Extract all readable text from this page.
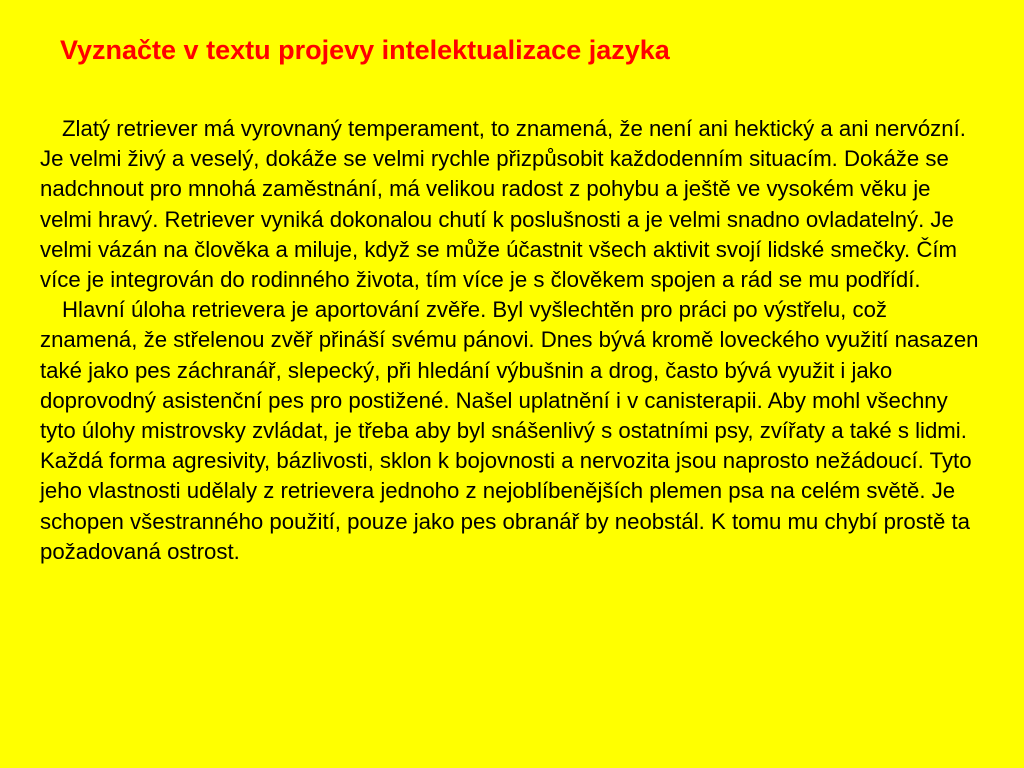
Vyznačte v textu projevy intelektualizace jazyka

Zlatý retriever má vyrovnaný temperament, to znamená, že není ani hektický a ani nervózní. Je velmi živý a veselý, dokáže se velmi rychle přizpůsobit každodenním situacím. Dokáže se nadchnout pro mnohá zaměstnání, má velikou radost z pohybu a ještě ve vysokém věku je velmi hravý. Retriever vyniká dokonalou chutí k poslušnosti a je velmi snadno ovladatelný. Je velmi vázán na člověka a miluje, když se může účastnit všech aktivit svojí lidské smečky. Čím více je integrován do rodinného života, tím více je s člověkem spojen a rád se mu podřídí.

Hlavní úloha retrievera je aportování zvěře. Byl vyšlechtěn pro práci po výstřelu, což znamená, že střelenou zvěř přináší svému pánovi. Dnes bývá kromě loveckého využití nasazen také jako pes záchranář, slepecký, při hledání výbušnin a drog, často bývá využit i jako doprovodný asistenční pes pro postižené. Našel uplatnění i v canisterapii. Aby mohl všechny tyto úlohy mistrovsky zvládat, je třeba aby byl snášenlivý s ostatními psy, zvířaty a také s lidmi. Každá forma agresivity, bázlivosti, sklon k bojovnosti a nervozita jsou naprosto nežádoucí. Tyto jeho vlastnosti udělaly z retrievera jednoho z nejoblíbenějších plemen psa na celém světě. Je schopen všestranného použití, pouze jako pes obranář by neobstál. K tomu mu chybí prostě ta požadovaná ostrost.
